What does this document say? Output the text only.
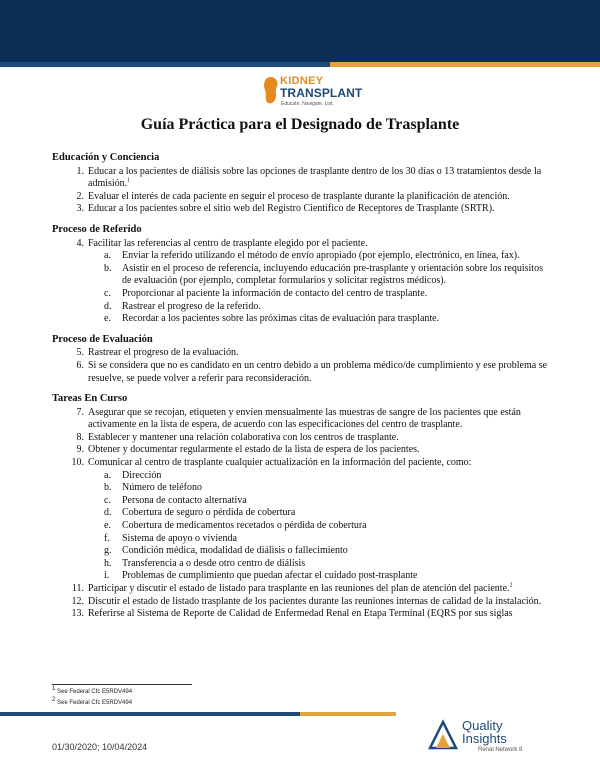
KIDNEY
TRANSPLANT
Educate. Navigate. List.
Guía Práctica para el Designado de Trasplante
Educación y Conciencia
1. Educar a los pacientes de diálisis sobre las opciones de trasplante dentro de los 30 días o 13 tratamientos desde la admisión.$^1$
2. Evaluar el interés de cada paciente en seguir el proceso de trasplante durante la planificación de atención.
3. Educar a los pacientes sobre el sitio web del Registro Científico de Receptores de Trasplante (SRTR).
Proceso de Referido
4. Facilitar las referencias al centro de trasplante elegido por el paciente.
a.	Enviar la referido utilizando el método de envío apropiado (por ejemplo, electrónico, en línea, fax).
b.	Asistir en el proceso de referencia, incluyendo educación pre-trasplante y orientación sobre los requisitos de evaluación (por ejemplo, completar formularios y solicitar registros médicos).
c.	Proporcionar al paciente la información de contacto del centro de trasplante.
d.	Rastrear el progreso de la referido.
e.	Recordar a los pacientes sobre las próximas citas de evaluación para trasplante.
Proceso de Evaluación
5. Rastrear el progreso de la evaluación.
6. Si se considera que no es candidato en un centro debido a un problema médico/de cumplimiento y ese problema se resuelve, se puede volver a referir para reconsideración.
Tareas En Curso
7. Asegurar que se recojan, etiqueten y envíen mensualmente las muestras de sangre de los pacientes que están activamente en la lista de espera, de acuerdo con las especificaciones del centro de trasplante.
8. Establecer y mantener una relación colaborativa con los centros de trasplante.
9. Obtener y documentar regularmente el estado de la lista de espera de los pacientes.
10. Comunicar al centro de trasplante cualquier actualización en la información del paciente, como:
a.	Dirección
b.	Número de teléfono
c.	Persona de contacto alternativa
d.	Cobertura de seguro o pérdida de cobertura
e.	Cobertura de medicamentos recetados o pérdida de cobertura
f.	Sistema de apoyo o vivienda
g.	Condición médica, modalidad de diálisis o fallecimiento
h.	Transferencia a o desde otro centro de diálisis
i.	Problemas de cumplimiento que puedan afectar el cuidado post-trasplante
11. Participar y discutir el estado de listado para trasplante en las reuniones del plan de atención del paciente.$^2$
12. Discutir el estado de listado trasplante de los pacientes durante las reuniones internas de calidad de la instalación.
13. Referirse al Sistema de Reporte de Calidad de Enfermedad Renal en Etapa Terminal (EQRS por sus siglas
$^1$ See Federal Cfc E5RDV494
$^2$ See Federal Cfc E5RDV494
Quality
Insights
Renal Network 8
01/30/2020; 10/04/2024
